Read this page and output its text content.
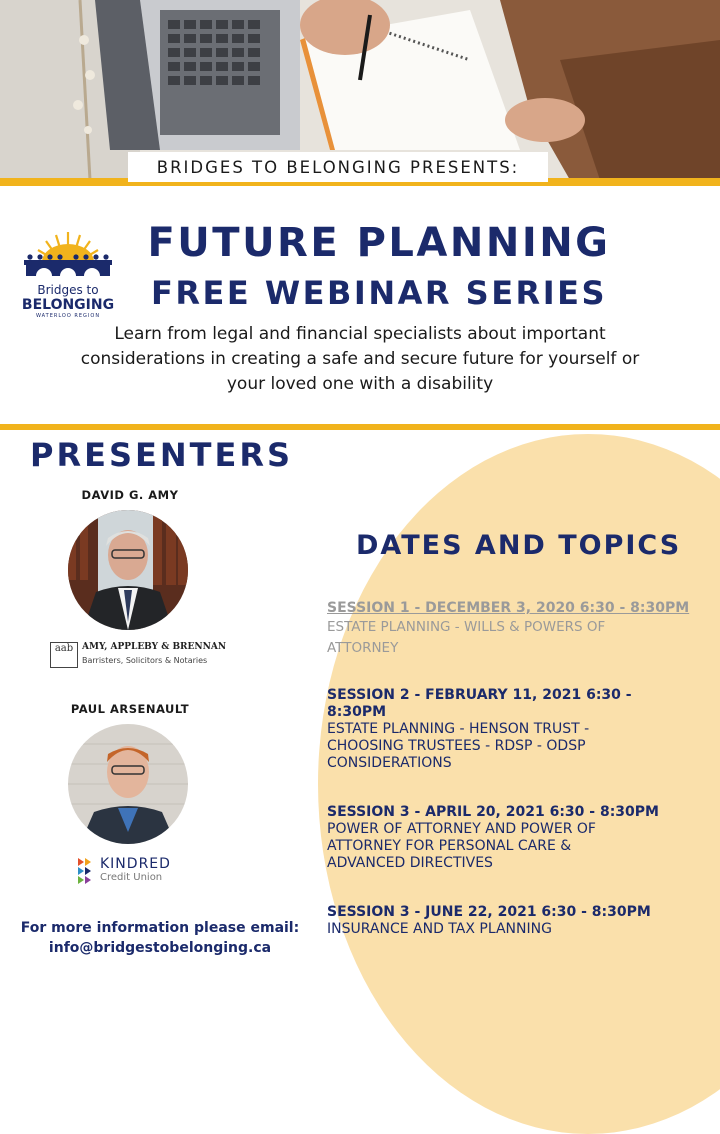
BRIDGES TO BELONGING PRESENTS:
Bridges to
BELONGING
WATERLOO REGION
FUTURE PLANNING
FREE WEBINAR SERIES
Learn from legal and financial specialists about important
considerations in creating a safe and secure future for yourself or
your loved one with a disability
PRESENTERS
DAVID G. AMY
aab AMY, APPLEBY & BRENNAN
Barristers, Solicitors & Notaries
PAUL ARSENAULT
KINDRED
Credit Union
DATES AND TOPICS
SESSION 1 - DECEMBER 3, 2020 6:30 - 8:30PM
ESTATE PLANNING - WILLS & POWERS OF
ATTORNEY
SESSION 2 - FEBRUARY 11, 2021 6:30 -
8:30PM
ESTATE PLANNING - HENSON TRUST -
CHOOSING TRUSTEES - RDSP - ODSP
CONSIDERATIONS
SESSION 3 - APRIL 20, 2021 6:30 - 8:30PM
POWER OF ATTORNEY AND POWER OF
ATTORNEY FOR PERSONAL CARE &
ADVANCED DIRECTIVES
SESSION 3 - JUNE 22, 2021 6:30 - 8:30PM
INSURANCE AND TAX PLANNING
For more information please email:
info@bridgestobelonging.ca
